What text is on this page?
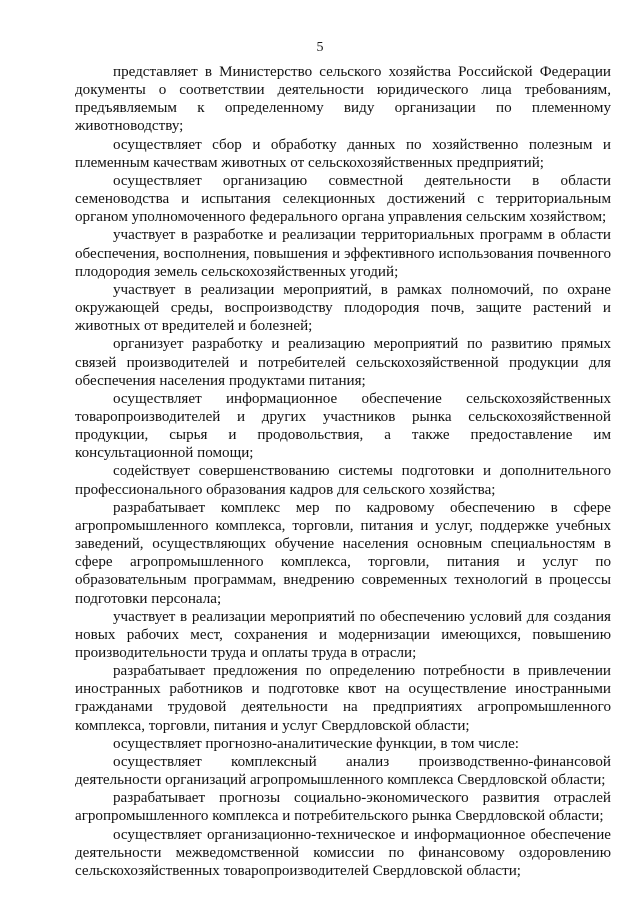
5

представляет в Министерство сельского хозяйства Российской Федерации документы о соответствии деятельности юридического лица требованиям, предъявляемым к определенному виду организации по племенному животноводству;

осуществляет сбор и обработку данных по хозяйственно полезным и племенным качествам животных от сельскохозяйственных предприятий;

осуществляет организацию совместной деятельности в области семеноводства и испытания селекционных достижений с территориальным органом уполномоченного федерального органа управления сельским хозяйством;

участвует в разработке и реализации территориальных программ в области обеспечения, восполнения, повышения и эффективного использования почвенного плодородия земель сельскохозяйственных угодий;

участвует в реализации мероприятий, в рамках полномочий, по охране окружающей среды, воспроизводству плодородия почв, защите растений и животных от вредителей и болезней;

организует разработку и реализацию мероприятий по развитию прямых связей производителей и потребителей сельскохозяйственной продукции для обеспечения населения продуктами питания;

осуществляет информационное обеспечение сельскохозяйственных товаропроизводителей и других участников рынка сельскохозяйственной продукции, сырья и продовольствия, а также предоставление им консультационной помощи;

содействует совершенствованию системы подготовки и дополнительного профессионального образования кадров для сельского хозяйства;

разрабатывает комплекс мер по кадровому обеспечению в сфере агропромышленного комплекса, торговли, питания и услуг, поддержке учебных заведений, осуществляющих обучение населения основным специальностям в сфере агропромышленного комплекса, торговли, питания и услуг по образовательным программам, внедрению современных технологий в процессы подготовки персонала;

участвует в реализации мероприятий по обеспечению условий для создания новых рабочих мест, сохранения и модернизации имеющихся, повышению производительности труда и оплаты труда в отрасли;

разрабатывает предложения по определению потребности в привлечении иностранных работников и подготовке квот на осуществление иностранными гражданами трудовой деятельности на предприятиях агропромышленного комплекса, торговли, питания и услуг Свердловской области;

осуществляет прогнозно-аналитические функции, в том числе:

осуществляет комплексный анализ производственно-финансовой деятельности организаций агропромышленного комплекса Свердловской области;

разрабатывает прогнозы социально-экономического развития отраслей агропромышленного комплекса и потребительского рынка Свердловской области;

осуществляет организационно-техническое и информационное обеспечение деятельности межведомственной комиссии по финансовому оздоровлению сельскохозяйственных товаропроизводителей Свердловской области;
